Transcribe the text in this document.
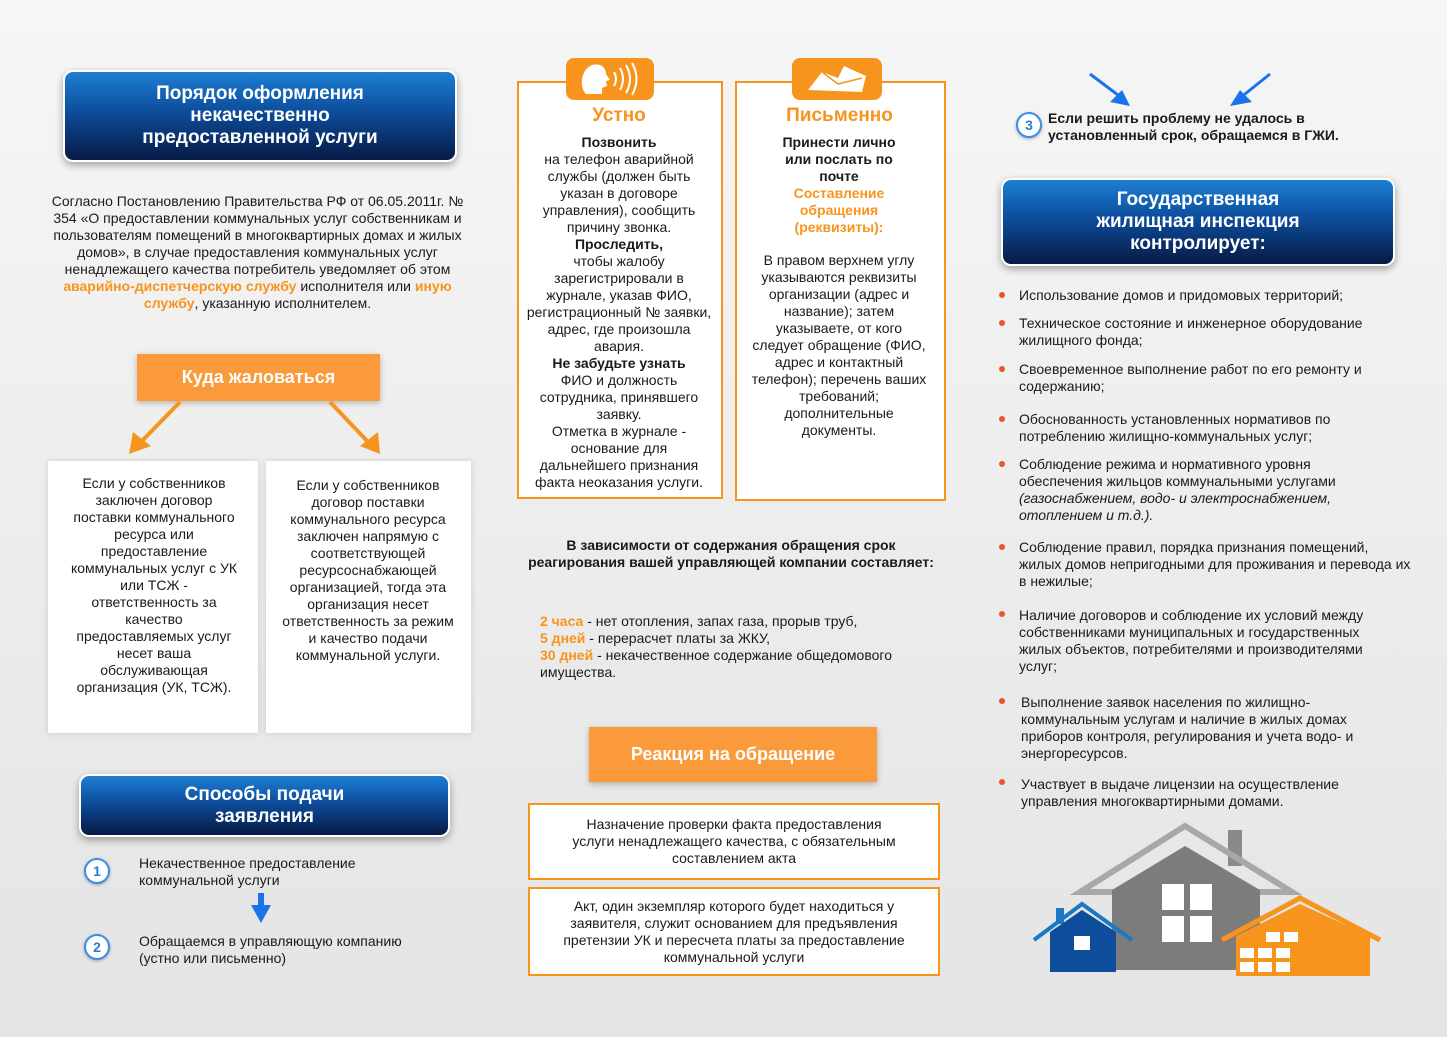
Порядок оформления некачественно предоставленной услуги
Согласно Постановлению Правительства РФ от 06.05.2011г. № 354 «О предоставлении коммунальных услуг собственникам и пользователям помещений в многоквартирных домах и жилых домов», в случае предоставления коммунальных услуг ненадлежащего качества потребитель уведомляет об этом аварийно-диспетчерскую службу исполнителя или иную службу, указанную исполнителем.
Куда жаловаться
Если у собственников заключен договор поставки коммунального ресурса или предоставление коммунальных услуг с УК или ТСЖ - ответственность за качество предоставляемых услуг несет ваша обслуживающая организация (УК, ТСЖ).
Если у собственников договор поставки коммунального ресурса заключен напрямую с соответствующей ресурсоснабжающей организацией, тогда эта организация несет ответственность за режим и качество подачи коммунальной услуги.
Способы подачи заявления
1	Некачественное предоставление коммунальной услуги
2	Обращаемся в управляющую компанию (устно или письменно)
Устно
Позвонить
на телефон аварийной службы (должен быть указан в договоре управления), сообщить причину звонка.
Проследить,
чтобы жалобу зарегистрировали в журнале, указав ФИО, регистрационный № заявки, адрес, где произошла авария.
Не забудьте узнать
ФИО и должность сотрудника, принявшего заявку.
Отметка в журнале - основание для дальнейшего признания факта неоказания услуги.
Письменно
Принести лично или послать по почте
Составление обращения (реквизиты):
В правом верхнем углу указываются реквизиты организации (адрес и название); затем указываете, от кого следует обращение (ФИО, адрес и контактный телефон); перечень ваших требований; дополнительные документы.
В зависимости от содержания обращения срок реагирования вашей управляющей компании составляет:
2 часа - нет отопления, запах газа, прорыв труб,
5 дней - перерасчет платы за ЖКУ,
30 дней - некачественное содержание общедомового имущества.
Реакция на обращение
Назначение проверки факта предоставления услуги ненадлежащего качества, с обязательным составлением акта
Акт, один экземпляр которого будет находиться у заявителя, служит основанием для предъявления претензии УК и пересчета платы за предоставление коммунальной услуги
3 Если решить проблему не удалось в установленный срок, обращаемся в ГЖИ.
Государственная жилищная инспекция контролирует:
Использование домов и придомовых территорий;
Техническое состояние и инженерное оборудование жилищного фонда;
Своевременное выполнение работ по его ремонту и содержанию;
Обоснованность установленных нормативов по потреблению жилищно-коммунальных услуг;
Соблюдение режима и нормативного уровня обеспечения жильцов коммунальными услугами (газоснабжением, водо- и электроснабжением, отоплением и т.д.).
Соблюдение правил, порядка признания помещений, жилых домов непригодными для проживания и перевода их в нежилые;
Наличие договоров и соблюдение их условий между собственниками муниципальных и государственных жилых объектов, потребителями и производителями услуг;
Выполнение заявок населения по жилищно-коммунальным услугам и наличие в жилых домах приборов контроля, регулирования и учета водо- и энергоресурсов.
Участвует в выдаче лицензии на осуществление управления многоквартирными домами.
